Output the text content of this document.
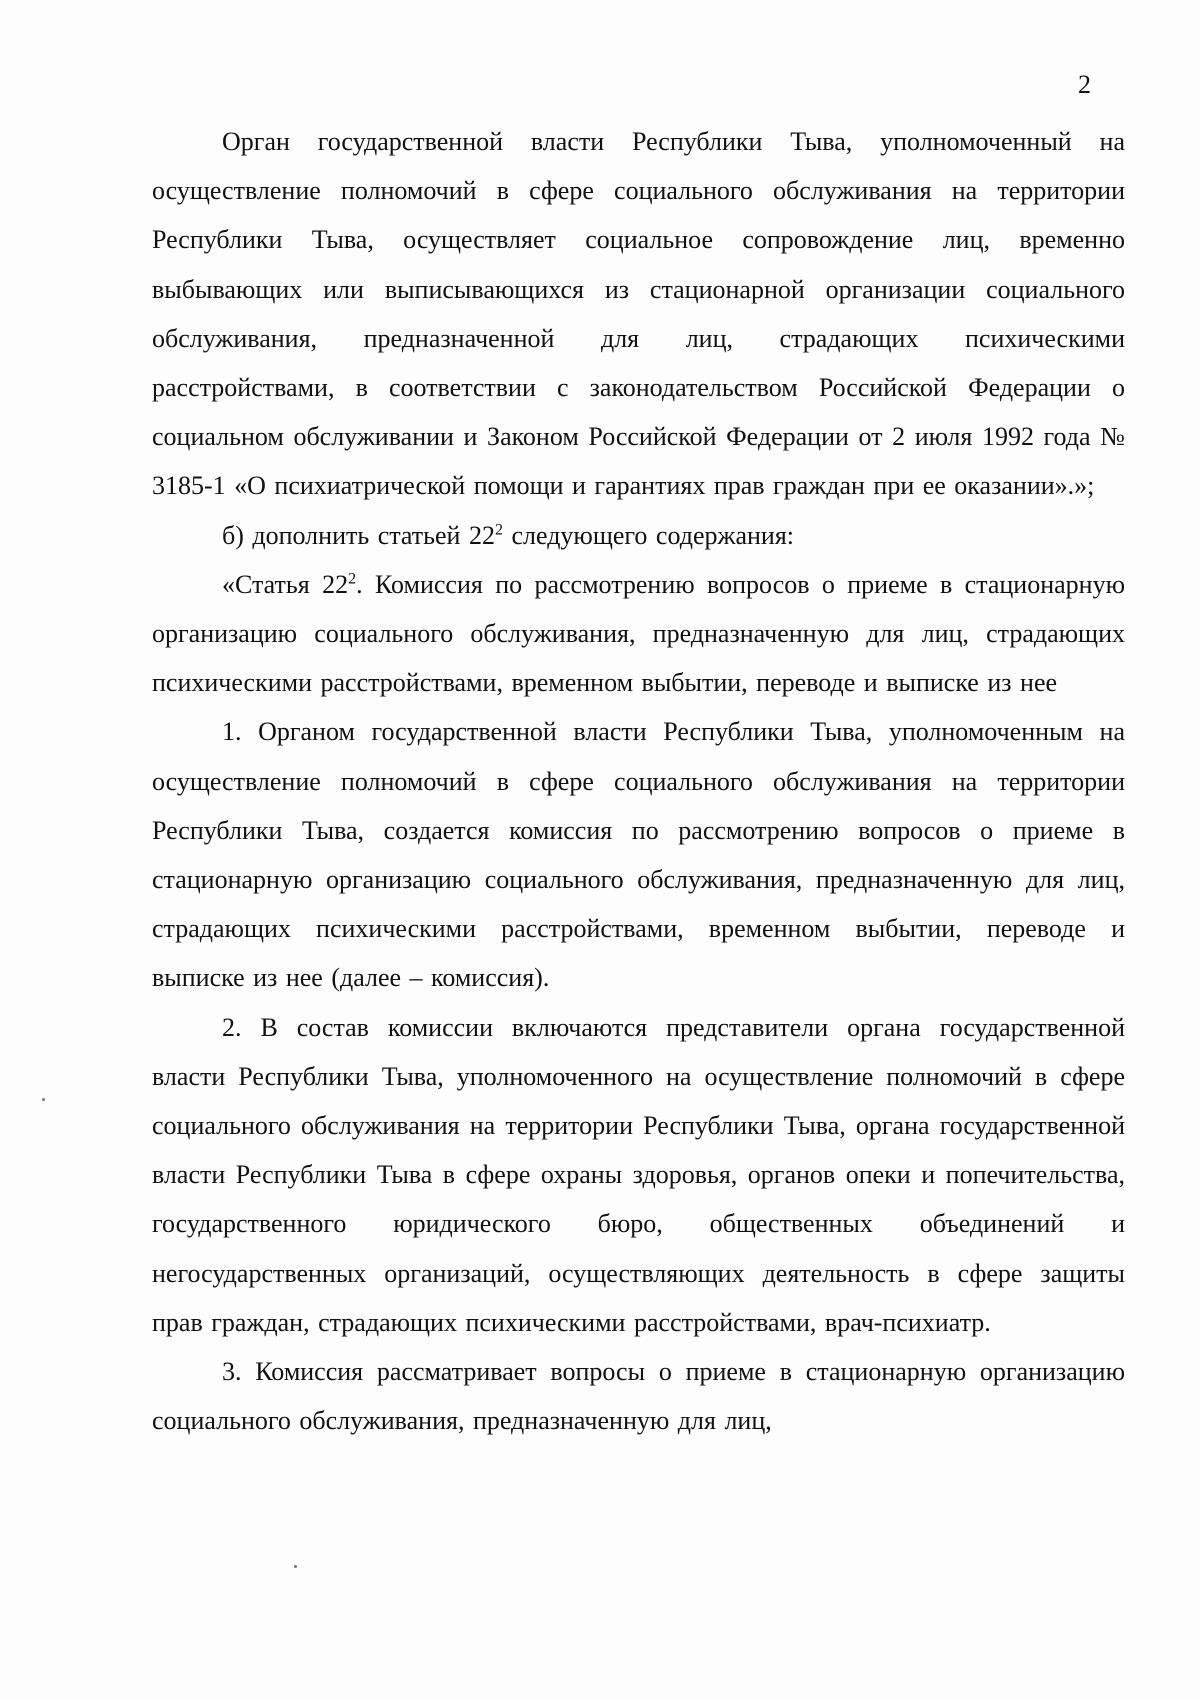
2

Орган государственной власти Республики Тыва, уполномоченный на осуществление полномочий в сфере социального обслуживания на территории Республики Тыва, осуществляет социальное сопровождение лиц, временно выбывающих или выписывающихся из стационарной организации социального обслуживания, предназначенной для лиц, страдающих психическими расстройствами, в соответствии с законодательством Российской Федерации о социальном обслуживании и Законом Российской Федерации от 2 июля 1992 года № 3185-1 «О психиатрической помощи и гарантиях прав граждан при ее оказании».»;

б) дополнить статьей $22^2$ следующего содержания:

«Статья $22^2$. Комиссия по рассмотрению вопросов о приеме в стационарную организацию социального обслуживания, предназначенную для лиц, страдающих психическими расстройствами, временном выбытии, переводе и выписке из нее

1. Органом государственной власти Республики Тыва, уполномоченным на осуществление полномочий в сфере социального обслуживания на территории Республики Тыва, создается комиссия по рассмотрению вопросов о приеме в стационарную организацию социального обслуживания, предназначенную для лиц, страдающих психическими расстройствами, временном выбытии, переводе и выписке из нее (далее – комиссия).

2. В состав комиссии включаются представители органа государственной власти Республики Тыва, уполномоченного на осуществление полномочий в сфере социального обслуживания на территории Республики Тыва, органа государственной власти Республики Тыва в сфере охраны здоровья, органов опеки и попечительства, государственного юридического бюро, общественных объединений и негосударственных организаций, осуществляющих деятельность в сфере защиты прав граждан, страдающих психическими расстройствами, врач-психиатр.

3. Комиссия рассматривает вопросы о приеме в стационарную организацию социального обслуживания, предназначенную для лиц,
